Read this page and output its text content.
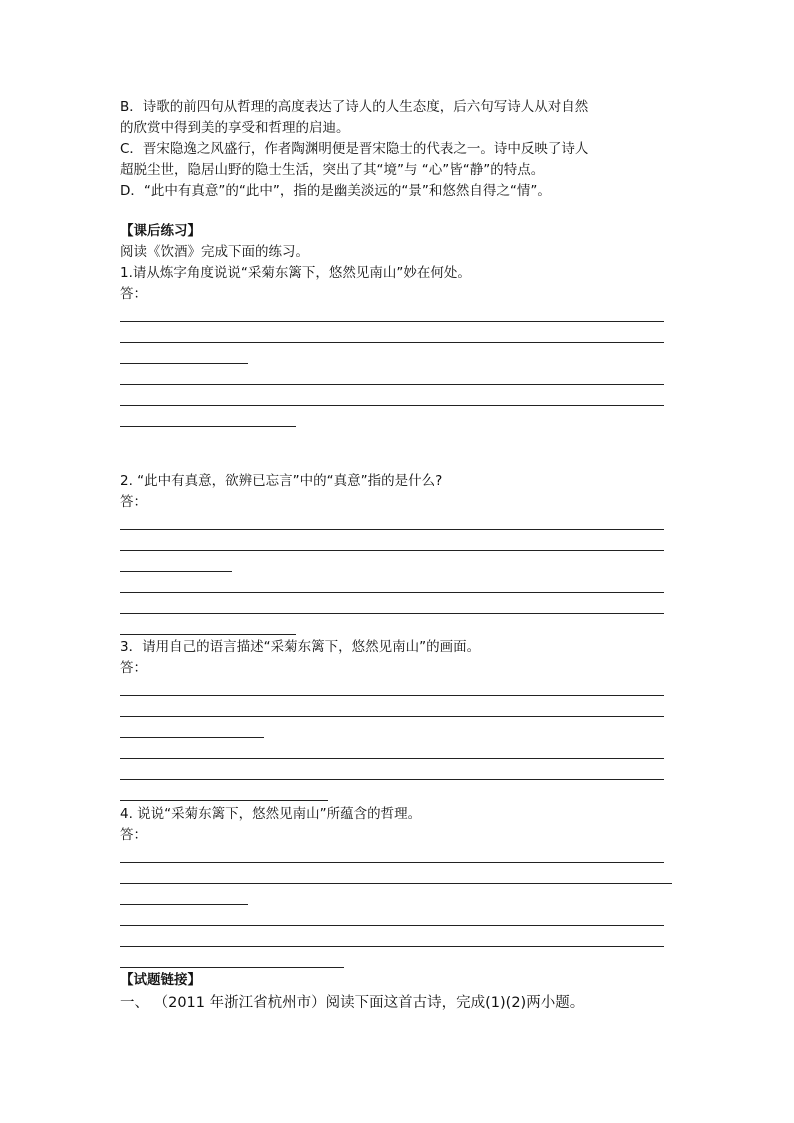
B．诗歌的前四句从哲理的高度表达了诗人的人生态度，后六句写诗人从对自然
的欣赏中得到美的享受和哲理的启迪。
C．晋宋隐逸之风盛行，作者陶渊明便是晋宋隐士的代表之一。诗中反映了诗人
超脱尘世，隐居山野的隐士生活，突出了其“境”与 “心”皆“静”的特点。
D．“此中有真意”的“此中”，指的是幽美淡远的“景”和悠然自得之“情”。
【课后练习】
阅读《饮酒》完成下面的练习。
1.请从炼字角度说说“采菊东篱下，悠然见南山”妙在何处。
答：
2. “此中有真意，欲辨已忘言”中的“真意”指的是什么?
答：
3．请用自己的语言描述“采菊东篱下，悠然见南山”的画面。
答：
4. 说说“采菊东篱下，悠然见南山”所蕴含的哲理。
答：
【试题链接】
一、 （2011 年浙江省杭州市）阅读下面这首古诗，完成(1)(2)两小题。
